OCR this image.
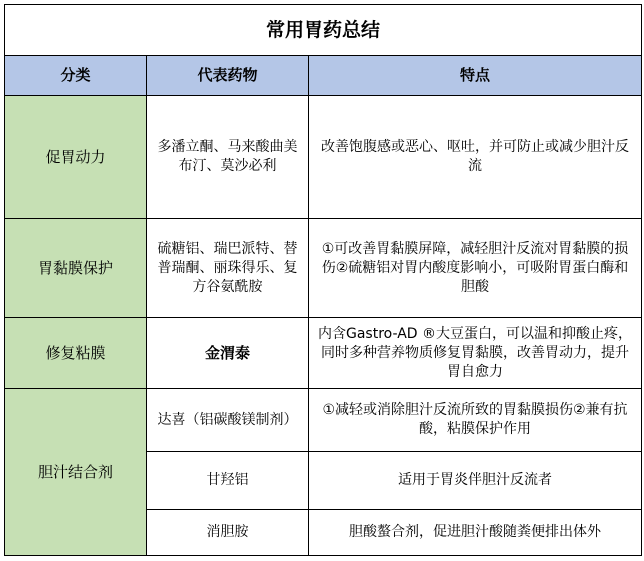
常用胃药总结		
分类	代表药物	特点
促胃动力	多潘立酮、马来酸曲美布汀、莫沙必利	改善饱腹感或恶心、呕吐，并可防止或减少胆汁反流
胃黏膜保护	硫糖铝、瑞巴派特、替普瑞酮、丽珠得乐、复方谷氨酰胺	①可改善胃黏膜屏障，减轻胆汁反流对胃黏膜的损伤②硫糖铝对胃内酸度影响小，可吸附胃蛋白酶和胆酸
修复粘膜	金渭泰	内含Gastro-AD ®大豆蛋白，可以温和抑酸止疼，同时多种营养物质修复胃黏膜，改善胃动力，提升胃自愈力
胆汁结合剂	达喜（铝碳酸镁制剂）	①减轻或消除胆汁反流所致的胃黏膜损伤②兼有抗酸，粘膜保护作用
	甘羟铝	适用于胃炎伴胆汁反流者
	消胆胺	胆酸螯合剂，促进胆汁酸随粪便排出体外
